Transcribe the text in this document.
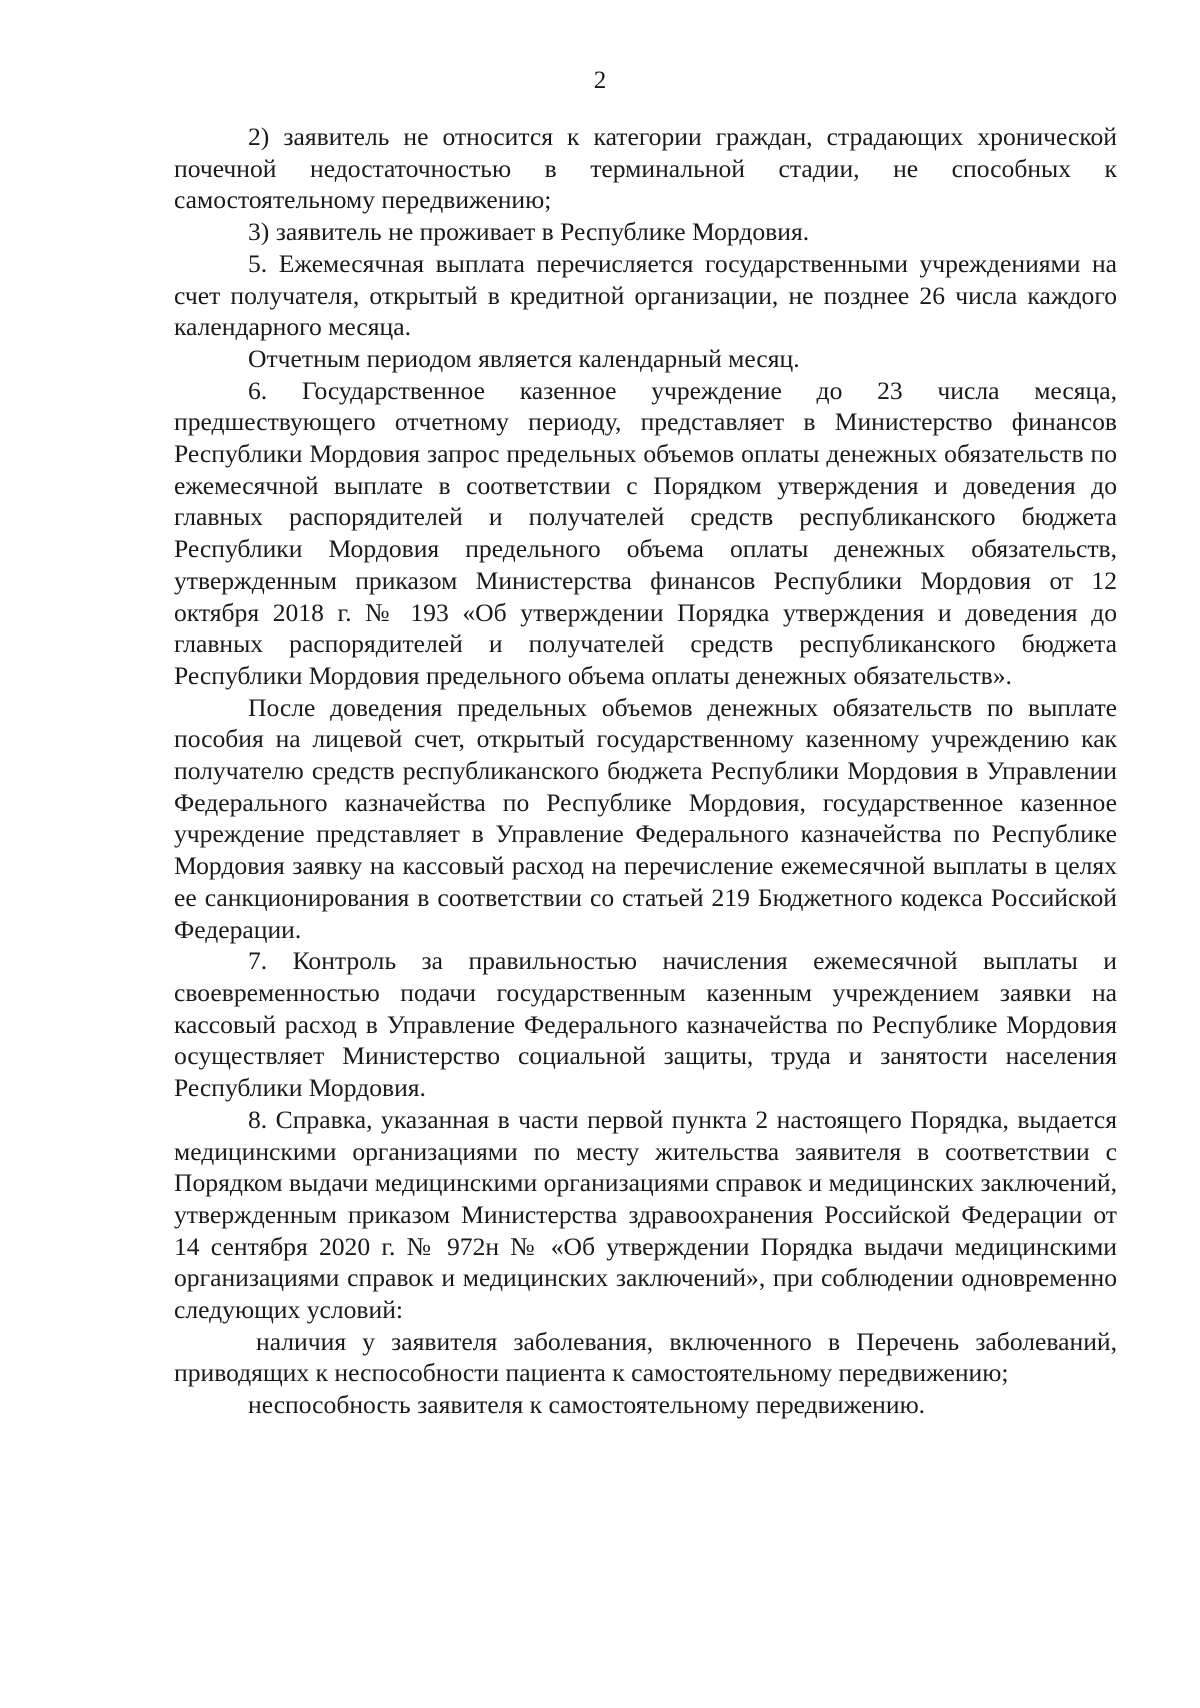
2

2) заявитель не относится к категории граждан, страдающих хронической почечной недостаточностью в терминальной стадии, не способных к самостоятельному передвижению;

3) заявитель не проживает в Республике Мордовия.

5. Ежемесячная выплата перечисляется государственными учреждениями на счет получателя, открытый в кредитной организации, не позднее 26 числа каждого календарного месяца.

Отчетным периодом является календарный месяц.

6. Государственное казенное учреждение до 23 числа месяца, предшествующего отчетному периоду, представляет в Министерство финансов Республики Мордовия запрос предельных объемов оплаты денежных обязательств по ежемесячной выплате в соответствии с Порядком утверждения и доведения до главных распорядителей и получателей средств республиканского бюджета Республики Мордовия предельного объема оплаты денежных обязательств, утвержденным приказом Министерства финансов Республики Мордовия от 12 октября 2018 г. № 193 «Об утверждении Порядка утверждения и доведения до главных распорядителей и получателей средств республиканского бюджета Республики Мордовия предельного объема оплаты денежных обязательств».

После доведения предельных объемов денежных обязательств по выплате пособия на лицевой счет, открытый государственному казенному учреждению как получателю средств республиканского бюджета Республики Мордовия в Управлении Федерального казначейства по Республике Мордовия, государственное казенное учреждение представляет в Управление Федерального казначейства по Республике Мордовия заявку на кассовый расход на перечисление ежемесячной выплаты в целях ее санкционирования в соответствии со статьей 219 Бюджетного кодекса Российской Федерации.

7. Контроль за правильностью начисления ежемесячной выплаты и своевременностью подачи государственным казенным учреждением заявки на кассовый расход в Управление Федерального казначейства по Республике Мордовия осуществляет Министерство социальной защиты, труда и занятости населения Республики Мордовия.

8. Справка, указанная в части первой пункта 2 настоящего Порядка, выдается медицинскими организациями по месту жительства заявителя в соответствии с Порядком выдачи медицинскими организациями справок и медицинских заключений, утвержденным приказом Министерства здравоохранения Российской Федерации от 14 сентября 2020 г. № 972н № «Об утверждении Порядка выдачи медицинскими организациями справок и медицинских заключений», при соблюдении одновременно следующих условий:

наличия у заявителя заболевания, включенного в Перечень заболеваний, приводящих к неспособности пациента к самостоятельному передвижению;

неспособность заявителя к самостоятельному передвижению.
